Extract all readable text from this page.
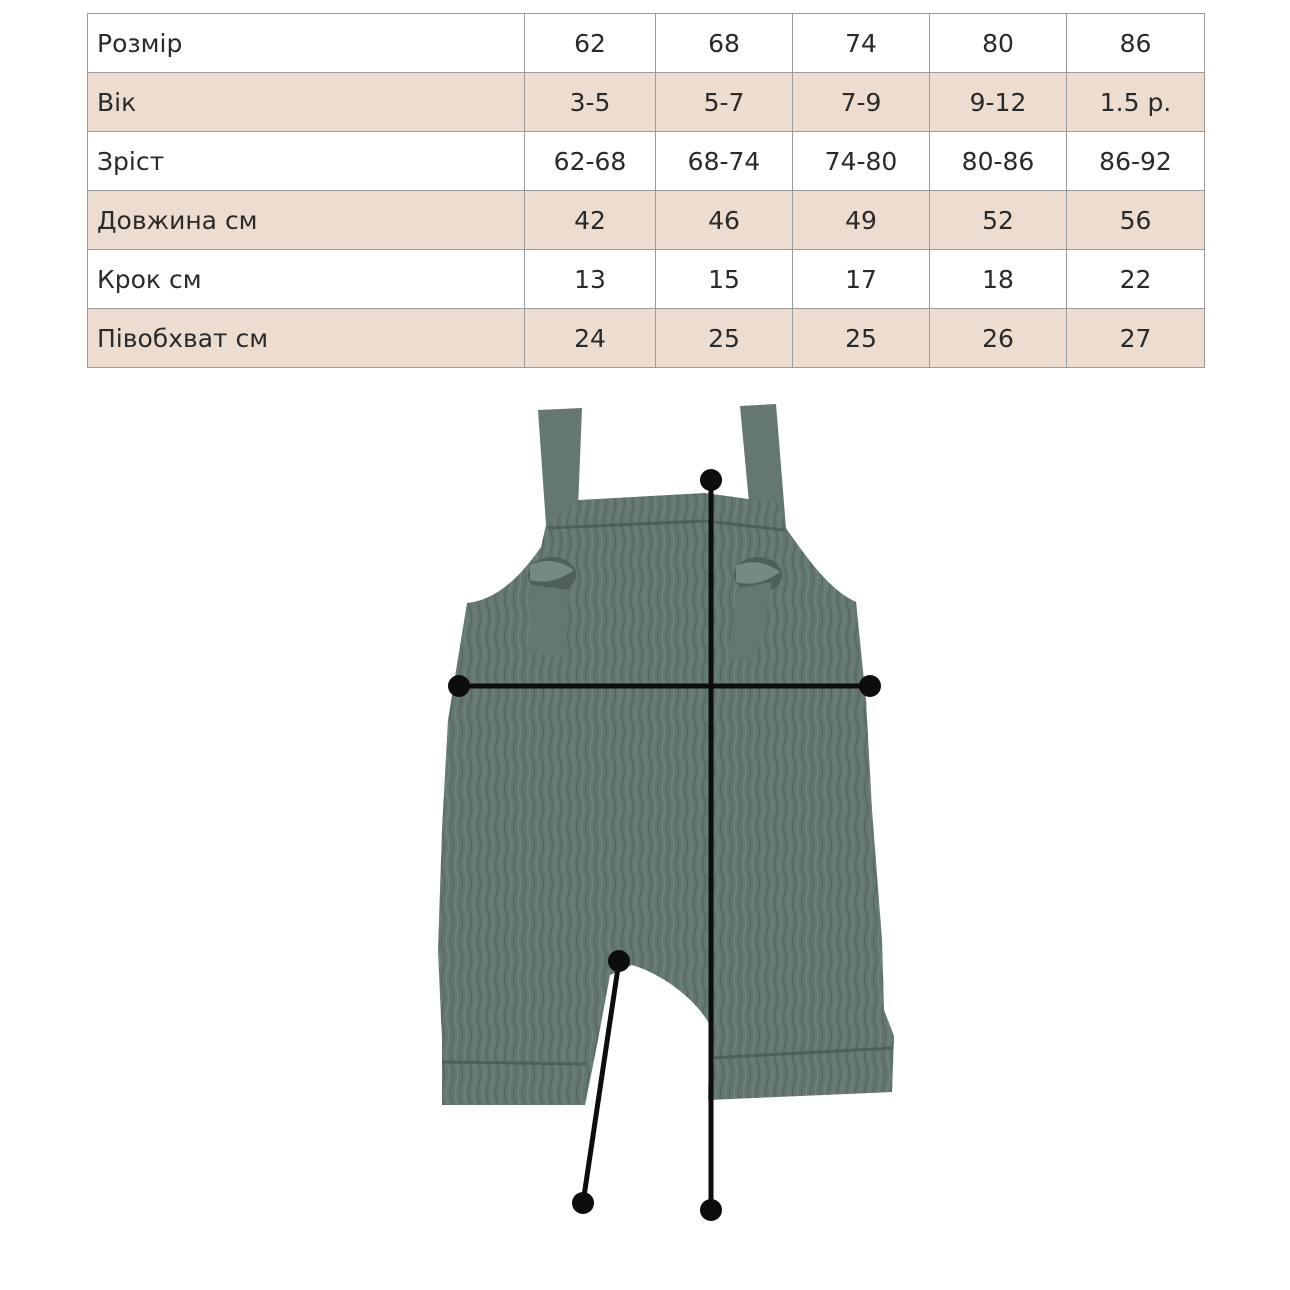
Розмір	62	68	74	80	86
Вік	3-5	5-7	7-9	9-12	1.5 р.
Зріст	62-68	68-74	74-80	80-86	86-92
Довжина см	42	46	49	52	56
Крок см	13	15	17	18	22
Півобхват см	24	25	25	26	27
